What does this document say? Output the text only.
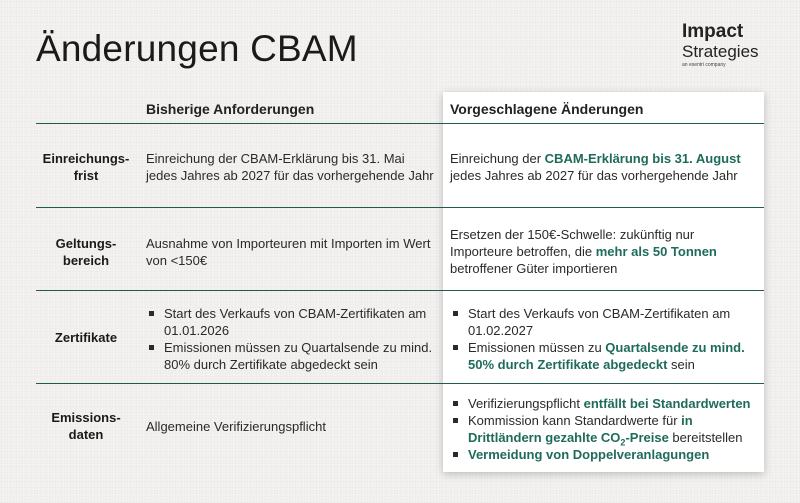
Änderungen CBAM	Impact
Strategies
an esentri company
Bisherige Anforderungen	Vorgeschlagene Änderungen
Einreichungs-
frist
Einreichung der CBAM-Erklärung bis 31. Mai jedes Jahres ab 2027 für das vorhergehende Jahr
Einreichung der CBAM-Erklärung bis 31. August jedes Jahres ab 2027 für das vorhergehende Jahr
Geltungs-
bereich
Ausnahme von Importeuren mit Importen im Wert von <150€
Ersetzen der 150€-Schwelle: zukünftig nur Importeure betroffen, die mehr als 50 Tonnen betroffener Güter importieren
Zertifikate
Start des Verkaufs von CBAM-Zertifikaten am 01.01.2026
Emissionen müssen zu Quartalsende zu mind. 80% durch Zertifikate abgedeckt sein
Start des Verkaufs von CBAM-Zertifikaten am 01.02.2027
Emissionen müssen zu Quartalsende zu mind. 50% durch Zertifikate abgedeckt sein
Emissions-
daten
Allgemeine Verifizierungspflicht
Verifizierungspflicht entfällt bei Standardwerten
Kommission kann Standardwerte für in Drittländern gezahlte $CO_2$-Preise bereitstellen
Vermeidung von Doppelveranlagungen
